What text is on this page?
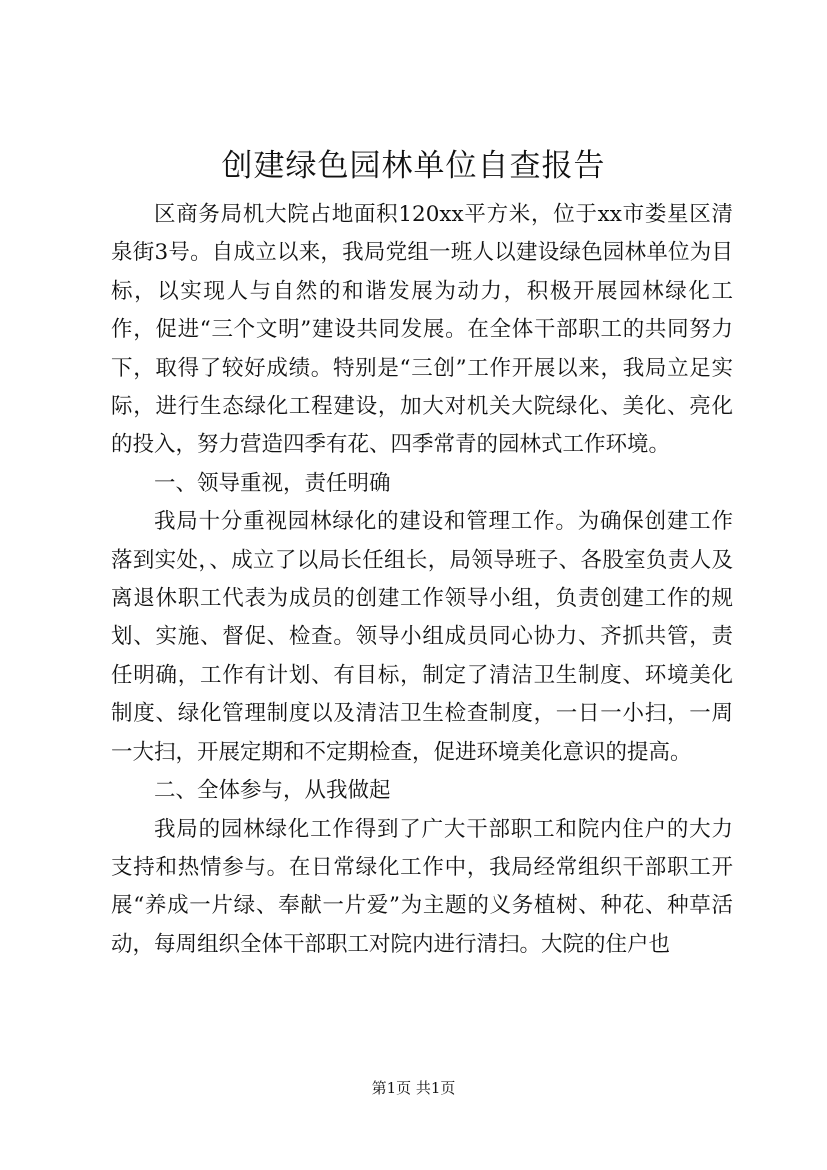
创建绿色园林单位自查报告

区商务局机大院占地面积120xx平方米，位于xx市娄星区清泉街3号。自成立以来，我局党组一班人以建设绿色园林单位为目标，以实现人与自然的和谐发展为动力，积极开展园林绿化工作，促进“三个文明”建设共同发展。在全体干部职工的共同努力下，取得了较好成绩。特别是“三创”工作开展以来，我局立足实际，进行生态绿化工程建设，加大对机关大院绿化、美化、亮化的投入，努力营造四季有花、四季常青的园林式工作环境。

一、领导重视，责任明确

我局十分重视园林绿化的建设和管理工作。为确保创建工作落到实处，、成立了以局长任组长，局领导班子、各股室负责人及离退休职工代表为成员的创建工作领导小组，负责创建工作的规划、实施、督促、检查。领导小组成员同心协力、齐抓共管，责任明确，工作有计划、有目标，制定了清洁卫生制度、环境美化制度、绿化管理制度以及清洁卫生检查制度，一日一小扫，一周一大扫，开展定期和不定期检查，促进环境美化意识的提高。

二、全体参与，从我做起

我局的园林绿化工作得到了广大干部职工和院内住户的大力支持和热情参与。在日常绿化工作中，我局经常组织干部职工开展“养成一片绿、奉献一片爱”为主题的义务植树、种花、种草活动，每周组织全体干部职工对院内进行清扫。大院的住户也

第1页 共1页
